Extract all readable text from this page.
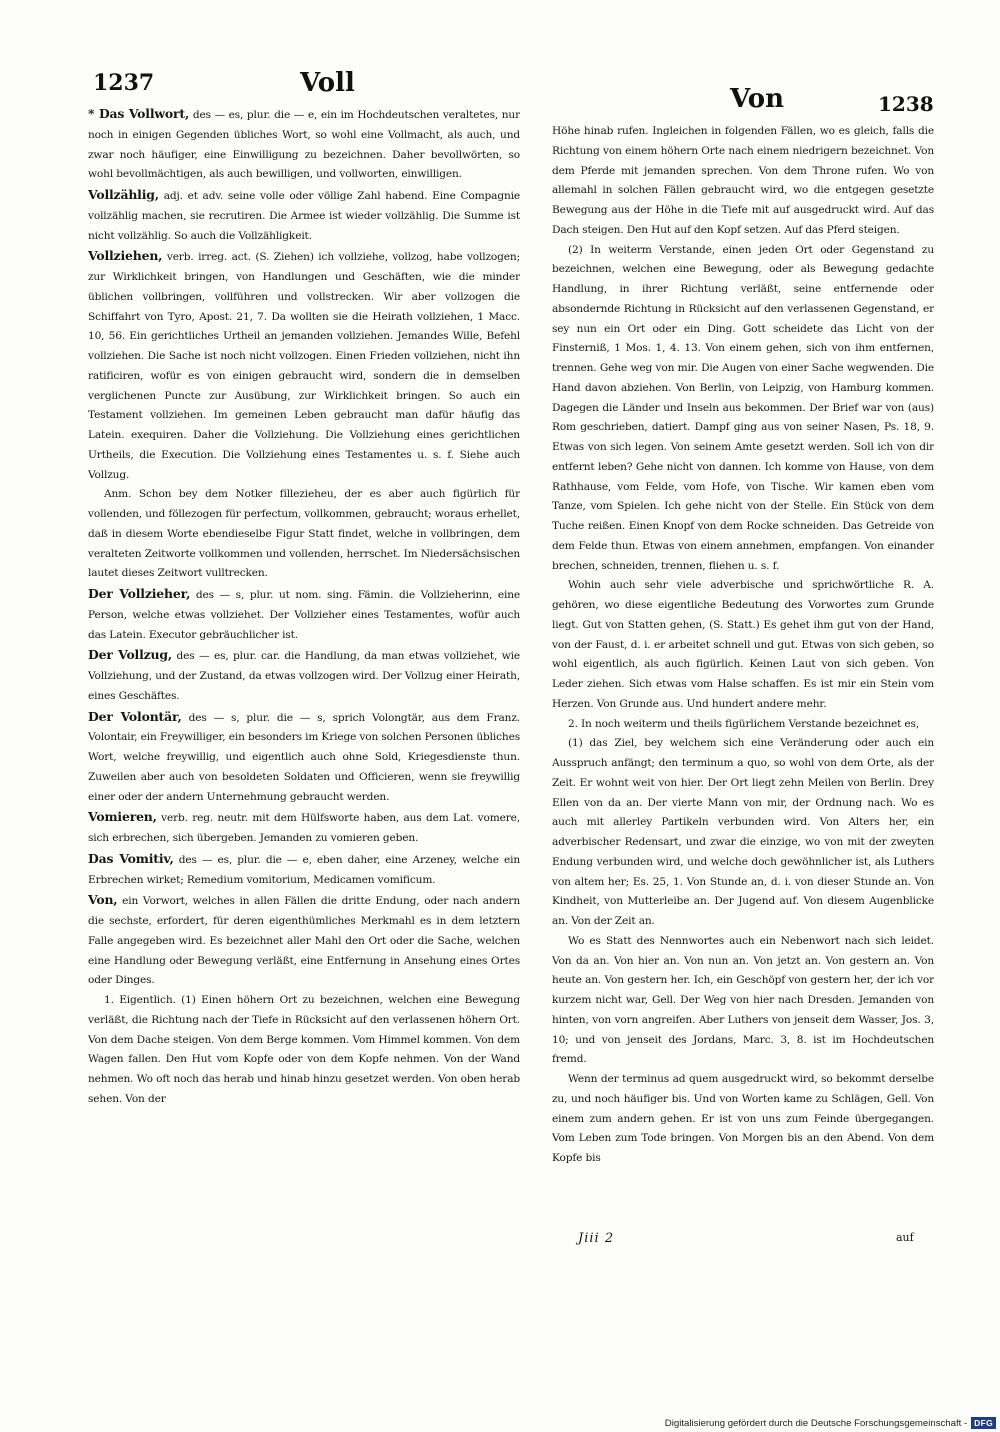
1237	Voll
Von	1238

* Das Vollwort, des — es, plur. die — e, ein im Hochdeutschen veraltetes, nur noch in einigen Gegenden übliches Wort, so wohl eine Vollmacht, als auch, und zwar noch häufiger, eine Einwilligung zu bezeichnen. Daher bevollwörten, so wohl bevollmächtigen, als auch bewilligen, und vollworten, einwilligen.

Vollzählig, adj. et adv. seine volle oder völlige Zahl habend. Eine Compagnie vollzählig machen, sie recrutiren. Die Armee ist wieder vollzählig. Die Summe ist nicht vollzählig. So auch die Vollzähligkeit.

Vollziehen, verb. irreg. act. (S. Ziehen) ich vollziehe, vollzog, habe vollzogen; zur Wirklichkeit bringen, von Handlungen und Geschäften, wie die minder üblichen vollbringen, vollführen und vollstrecken. Wir aber vollzogen die Schiffahrt von Tyro, Apost. 21, 7. Da wollten sie die Heirath vollziehen, 1 Macc. 10, 56. Ein gerichtliches Urtheil an jemanden vollziehen. Jemandes Wille, Befehl vollziehen. Die Sache ist noch nicht vollzogen. Einen Frieden vollziehen, nicht ihn ratificiren, wofür es von einigen gebraucht wird, sondern die in demselben verglichenen Puncte zur Ausübung, zur Wirklichkeit bringen. So auch ein Testament vollziehen. Im gemeinen Leben gebraucht man dafür häufig das Latein. exequiren. Daher die Vollziehung. Die Vollziehung eines gerichtlichen Urtheils, die Execution. Die Vollziehung eines Testamentes u. s. f. Siehe auch Vollzug.

Anm. Schon bey dem Notker fillezieheu, der es aber auch figürlich für vollenden, und föllezogen für perfectum, vollkommen, gebraucht; woraus erhellet, daß in diesem Worte ebendieselbe Figur Statt findet, welche in vollbringen, dem veralteten Zeitworte vollkommen und vollenden, herrschet. Im Niedersächsischen lautet dieses Zeitwort vulltrecken.

Der Vollzieher, des — s, plur. ut nom. sing. Fämin. die Vollzieherinn, eine Person, welche etwas vollziehet. Der Vollzieher eines Testamentes, wofür auch das Latein. Executor gebräuchlicher ist.

Der Vollzug, des — es, plur. car. die Handlung, da man etwas vollziehet, wie Vollziehung, und der Zustand, da etwas vollzogen wird. Der Vollzug einer Heirath, eines Geschäftes.

Der Volontär, des — s, plur. die — s, sprich Volongtär, aus dem Franz. Volontair, ein Freywilliger, ein besonders im Kriege von solchen Personen übliches Wort, welche freywillig, und eigentlich auch ohne Sold, Kriegesdienste thun. Zuweilen aber auch von besoldeten Soldaten und Officieren, wenn sie freywillig einer oder der andern Unternehmung gebraucht werden.

Vomieren, verb. reg. neutr. mit dem Hülfsworte haben, aus dem Lat. vomere, sich erbrechen, sich übergeben. Jemanden zu vomieren geben.

Das Vomitiv, des — es, plur. die — e, eben daher, eine Arzeney, welche ein Erbrechen wirket; Remedium vomitorium, Medicamen vomificum.

Von, ein Vorwort, welches in allen Fällen die dritte Endung, oder nach andern die sechste, erfordert, für deren eigenthümliches Merkmahl es in dem letztern Falle angegeben wird. Es bezeichnet aller Mahl den Ort oder die Sache, welchen eine Handlung oder Bewegung verläßt, eine Entfernung in Ansehung eines Ortes oder Dinges.

1. Eigentlich. (1) Einen höhern Ort zu bezeichnen, welchen eine Bewegung verläßt, die Richtung nach der Tiefe in Rücksicht auf den verlassenen höhern Ort. Von dem Dache steigen. Von dem Berge kommen. Vom Himmel kommen. Von dem Wagen fallen. Den Hut vom Kopfe oder von dem Kopfe nehmen. Von der Wand nehmen. Wo oft noch das herab und hinab hinzu gesetzet werden. Von oben herab sehen. Von der

Höhe hinab rufen. Ingleichen in folgenden Fällen, wo es gleich, falls die Richtung von einem höhern Orte nach einem niedrigern bezeichnet. Von dem Pferde mit jemanden sprechen. Von dem Throne rufen. Wo von allemahl in solchen Fällen gebraucht wird, wo die entgegen gesetzte Bewegung aus der Höhe in die Tiefe mit auf ausgedruckt wird. Auf das Dach steigen. Den Hut auf den Kopf setzen. Auf das Pferd steigen.

(2) In weiterm Verstande, einen jeden Ort oder Gegenstand zu bezeichnen, welchen eine Bewegung, oder als Bewegung gedachte Handlung, in ihrer Richtung verläßt, seine entfernende oder absondernde Richtung in Rücksicht auf den verlassenen Gegenstand, er sey nun ein Ort oder ein Ding. Gott scheidete das Licht von der Finsterniß, 1 Mos. 1, 4. 13. Von einem gehen, sich von ihm entfernen, trennen. Gehe weg von mir. Die Augen von einer Sache wegwenden. Die Hand davon abziehen. Von Berlin, von Leipzig, von Hamburg kommen. Dagegen die Länder und Inseln aus bekommen. Der Brief war von (aus) Rom geschrieben, datiert. Dampf ging aus von seiner Nasen, Ps. 18, 9. Etwas von sich legen. Von seinem Amte gesetzt werden. Soll ich von dir entfernt leben? Gehe nicht von dannen. Ich komme von Hause, von dem Rathhause, vom Felde, vom Hofe, von Tische. Wir kamen eben vom Tanze, vom Spielen. Ich gehe nicht von der Stelle. Ein Stück von dem Tuche reißen. Einen Knopf von dem Rocke schneiden. Das Getreide von dem Felde thun. Etwas von einem annehmen, empfangen. Von einander brechen, schneiden, trennen, fliehen u. s. f.

Wohin auch sehr viele adverbische und sprichwörtliche R. A. gehören, wo diese eigentliche Bedeutung des Vorwortes zum Grunde liegt. Gut von Statten gehen, (S. Statt.) Es gehet ihm gut von der Hand, von der Faust, d. i. er arbeitet schnell und gut. Etwas von sich geben, so wohl eigentlich, als auch figürlich. Keinen Laut von sich geben. Von Leder ziehen. Sich etwas vom Halse schaffen. Es ist mir ein Stein vom Herzen. Von Grunde aus. Und hundert andere mehr.

2. In noch weiterm und theils figürlichem Verstande bezeichnet es,

(1) das Ziel, bey welchem sich eine Veränderung oder auch ein Ausspruch anfängt; den terminum a quo, so wohl von dem Orte, als der Zeit. Er wohnt weit von hier. Der Ort liegt zehn Meilen von Berlin. Drey Ellen von da an. Der vierte Mann von mir, der Ordnung nach. Wo es auch mit allerley Partikeln verbunden wird. Von Alters her, ein adverbischer Redensart, und zwar die einzige, wo von mit der zweyten Endung verbunden wird, und welche doch gewöhnlicher ist, als Luthers von altem her; Es. 25, 1. Von Stunde an, d. i. von dieser Stunde an. Von Kindheit, von Mutterleibe an. Der Jugend auf. Von diesem Augenblicke an. Von der Zeit an.

Wo es Statt des Nennwortes auch ein Nebenwort nach sich leidet. Von da an. Von hier an. Von nun an. Von jetzt an. Von gestern an. Von heute an. Von gestern her. Ich, ein Geschöpf von gestern her, der ich vor kurzem nicht war, Gell. Der Weg von hier nach Dresden. Jemanden von hinten, von vorn angreifen. Aber Luthers von jenseit dem Wasser, Jos. 3, 10; und von jenseit des Jordans, Marc. 3, 8. ist im Hochdeutschen fremd.

Wenn der terminus ad quem ausgedruckt wird, so bekommt derselbe zu, und noch häufiger bis. Und von Worten kame zu Schlägen, Gell. Von einem zum andern gehen. Er ist von uns zum Feinde übergegangen. Vom Leben zum Tode bringen. Von Morgen bis an den Abend. Von dem Kopfe bis

Jiii 2	auf
Digitalisierung gefördert durch die Deutsche Forschungsgemeinschaft - DFG
